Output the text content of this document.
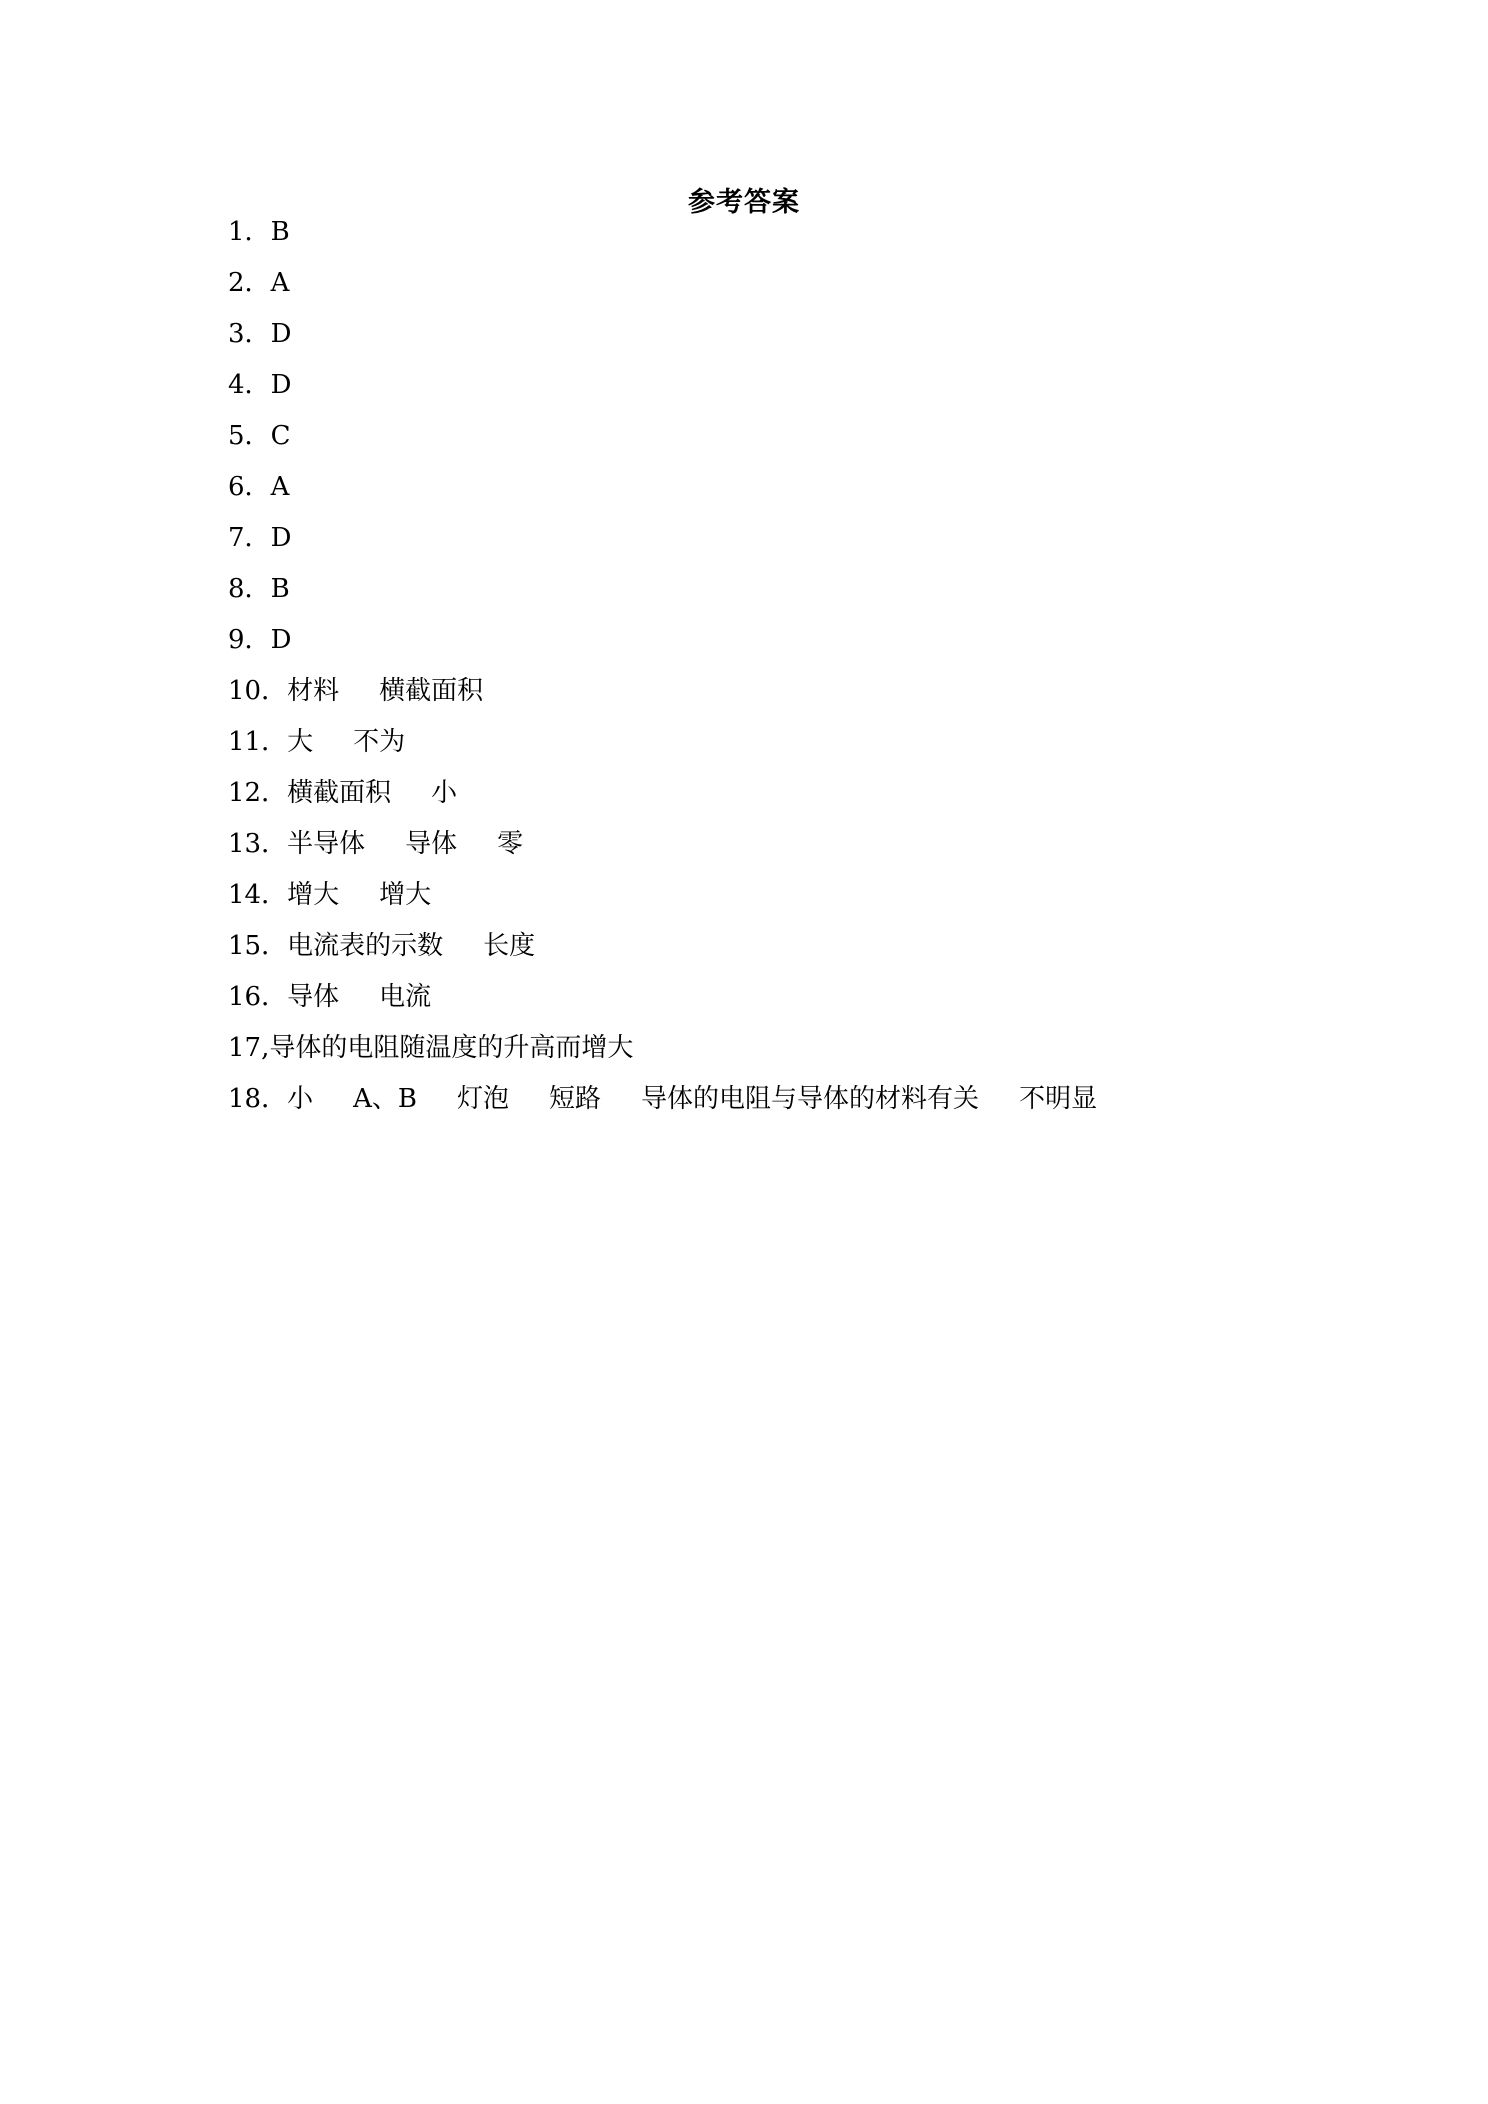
参考答案
1．B
2．A
3．D
4．D
5．C
6．A
7．D
8．B
9．D
10．材料 横截面积
11．大 不为
12．横截面积 小
13．半导体 导体 零
14．增大 增大
15．电流表的示数 长度
16．导体 电流
17,导体的电阻随温度的升高而增大
18．小 A、B 灯泡 短路 导体的电阻与导体的材料有关 不明显
